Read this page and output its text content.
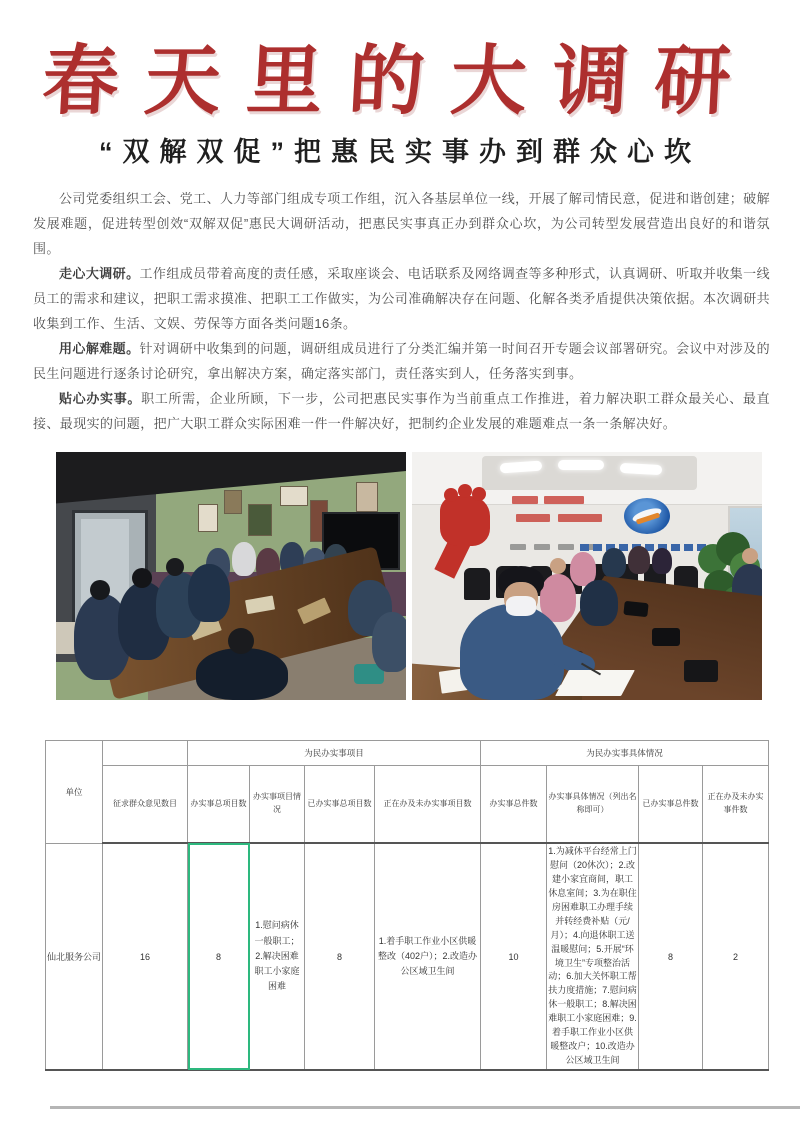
春天里的大调研
“双解双促”把惠民实事办到群众心坎

公司党委组织工会、党工、人力等部门组成专项工作组，沉入各基层单位一线，开展了解司情民意，促进和谐创建；破解发展难题，促进转型创效“双解双促”惠民大调研活动，把惠民实事真正办到群众心坎，为公司转型发展营造出良好的和谐氛围。

走心大调研。工作组成员带着高度的责任感，采取座谈会、电话联系及网络调查等多种形式，认真调研、听取并收集一线员工的需求和建议，把职工需求摸准、把职工工作做实，为公司准确解决存在问题、化解各类矛盾提供决策依据。本次调研共收集到工作、生活、文娱、劳保等方面各类问题16条。

用心解难题。针对调研中收集到的问题，调研组成员进行了分类汇编并第一时间召开专题会议部署研究。会议中对涉及的民生问题进行逐条讨论研究，拿出解决方案，确定落实部门，责任落实到人，任务落实到事。

贴心办实事。职工所需，企业所顾，下一步，公司把惠民实事作为当前重点工作推进，着力解决职工群众最关心、最直接、最现实的问题，把广大职工群众实际困难一件一件解决好，把制约企业发展的难题难点一条一条解决好。

单位		为民办实事项目				为民办实事具体情况			
	征求群众意见数目	办实事总项目数	办实事项目情况	已办实事总项目数	正在办及未办实事项目数	办实事总件数	办实事具体情况（列出名称即可）	已办实事总件数	正在办及未办实事件数
仙北服务公司	16	8	1.慰问病休一般职工；2.解决困难职工小家庭困难	8	1.着手职工作业小区供暖整改（402户）；2.改造办公区域卫生间	10	1.为减休平台经常上门慰问（20休次）；2.改建小家宜商间，职工休息室间；3.为在职住房困难职工办理手续并转经费补贴（元/月）；4.向退休职工送温暖慰问；5.开展“环境卫生”专项整治活动；6.加大关怀职工帮扶力度措施；7.慰问病休一般职工；8.解决困难职工小家庭困难；9.着手职工作业小区供暖整改户；10.改造办公区域卫生间	8	2
